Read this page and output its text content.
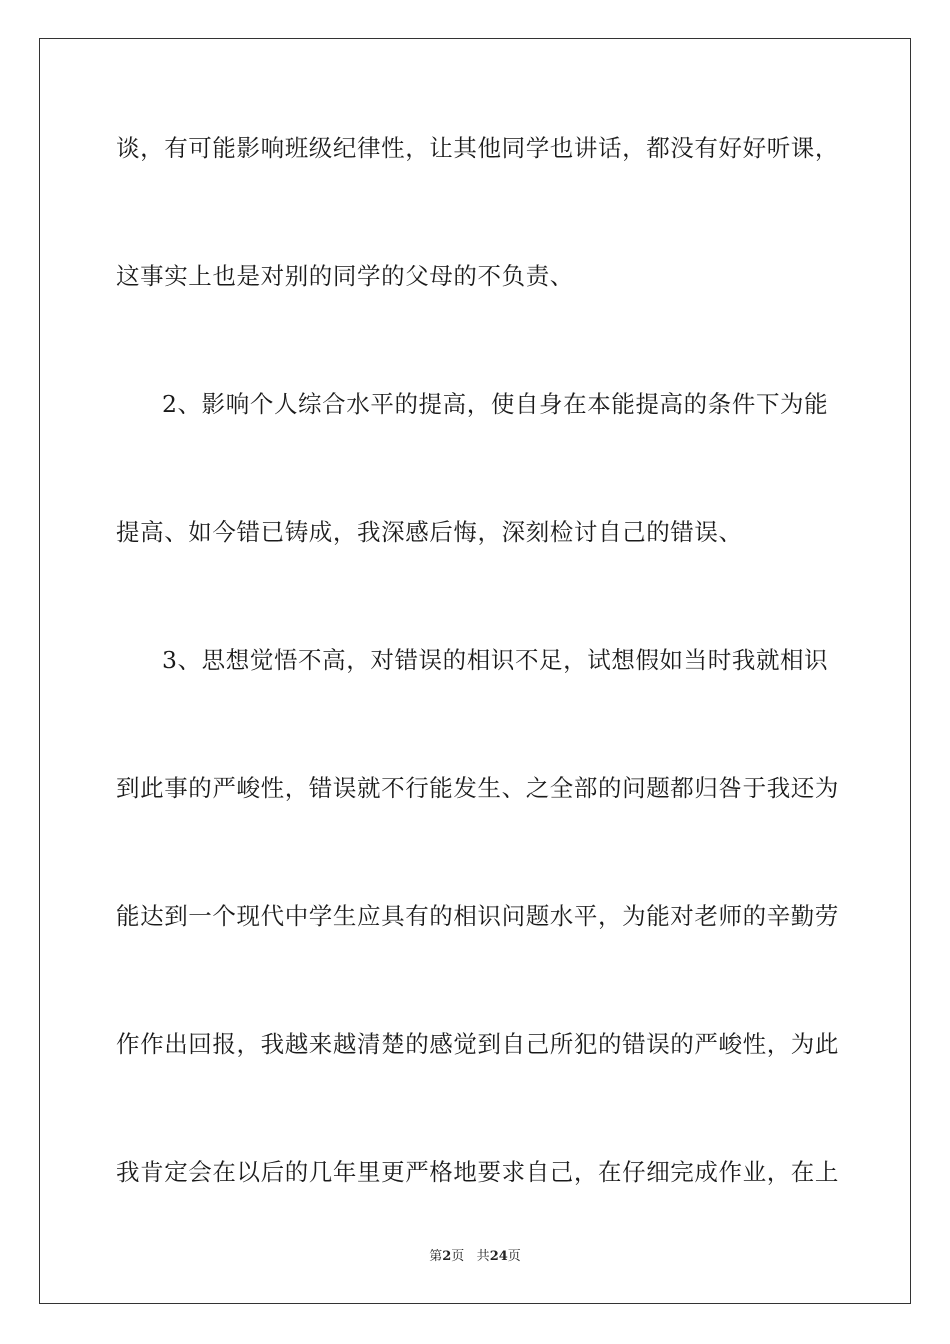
谈，有可能影响班级纪律性，让其他同学也讲话，都没有好好听课，
这事实上也是对别的同学的父母的不负责、
2、影响个人综合水平的提高，使自身在本能提高的条件下为能
提高、如今错已铸成，我深感后悔，深刻检讨自己的错误、
3、思想觉悟不高，对错误的相识不足，试想假如当时我就相识
到此事的严峻性，错误就不行能发生、之全部的问题都归咎于我还为
能达到一个现代中学生应具有的相识问题水平，为能对老师的辛勤劳
作作出回报，我越来越清楚的感觉到自己所犯的错误的严峻性，为此
我肯定会在以后的几年里更严格地要求自己，在仔细完成作业，在上
第2页 共24页
